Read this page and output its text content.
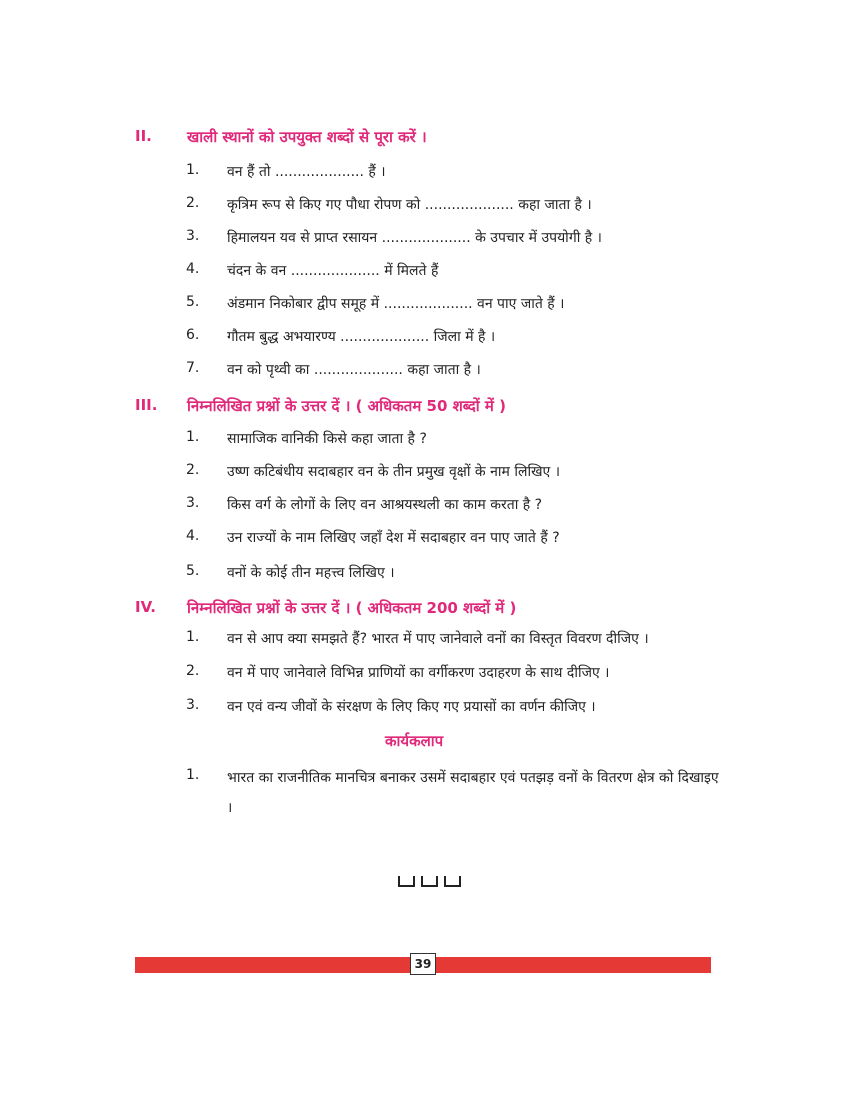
II.	खाली स्थानों को उपयुक्त शब्दों से पूरा करें ।
1. वन हैं तो .................... हैं ।
2. कृत्रिम रूप से किए गए पौधा रोपण को .................... कहा जाता है ।
3. हिमालयन यव से प्राप्त रसायन .................... के उपचार में उपयोगी है ।
4. चंदन के वन .................... में मिलते हैं
5. अंडमान निकोबार द्वीप समूह में .................... वन पाए जाते हैं ।
6. गौतम बुद्ध अभयारण्य .................... जिला में है ।
7. वन को पृथ्वी का .................... कहा जाता है ।
III.	निम्नलिखित प्रश्नों के उत्तर दें । ( अधिकतम 50 शब्दों में )
1. सामाजिक वानिकी किसे कहा जाता है ?
2. उष्ण कटिबंधीय सदाबहार वन के तीन प्रमुख वृक्षों के नाम लिखिए ।
3. किस वर्ग के लोगों के लिए वन आश्रयस्थली का काम करता है ?
4. उन राज्यों के नाम लिखिए जहाँ देश में सदाबहार वन पाए जाते हैं ?
5. वनों के कोई तीन महत्त्व लिखिए ।
IV.	निम्नलिखित प्रश्नों के उत्तर दें । ( अधिकतम 200 शब्दों में )
1. वन से आप क्या समझते हैं? भारत में पाए जानेवाले वनों का विस्तृत विवरण दीजिए ।
2. वन में पाए जानेवाले विभिन्न प्राणियों का वर्गीकरण उदाहरण के साथ दीजिए ।
3. वन एवं वन्य जीवों के संरक्षण के लिए किए गए प्रयासों का वर्णन कीजिए ।
कार्यकलाप
1. भारत का राजनीतिक मानचित्र बनाकर उसमें सदाबहार एवं पतझड़ वनों के वितरण क्षेत्र को दिखाइए ।
39
